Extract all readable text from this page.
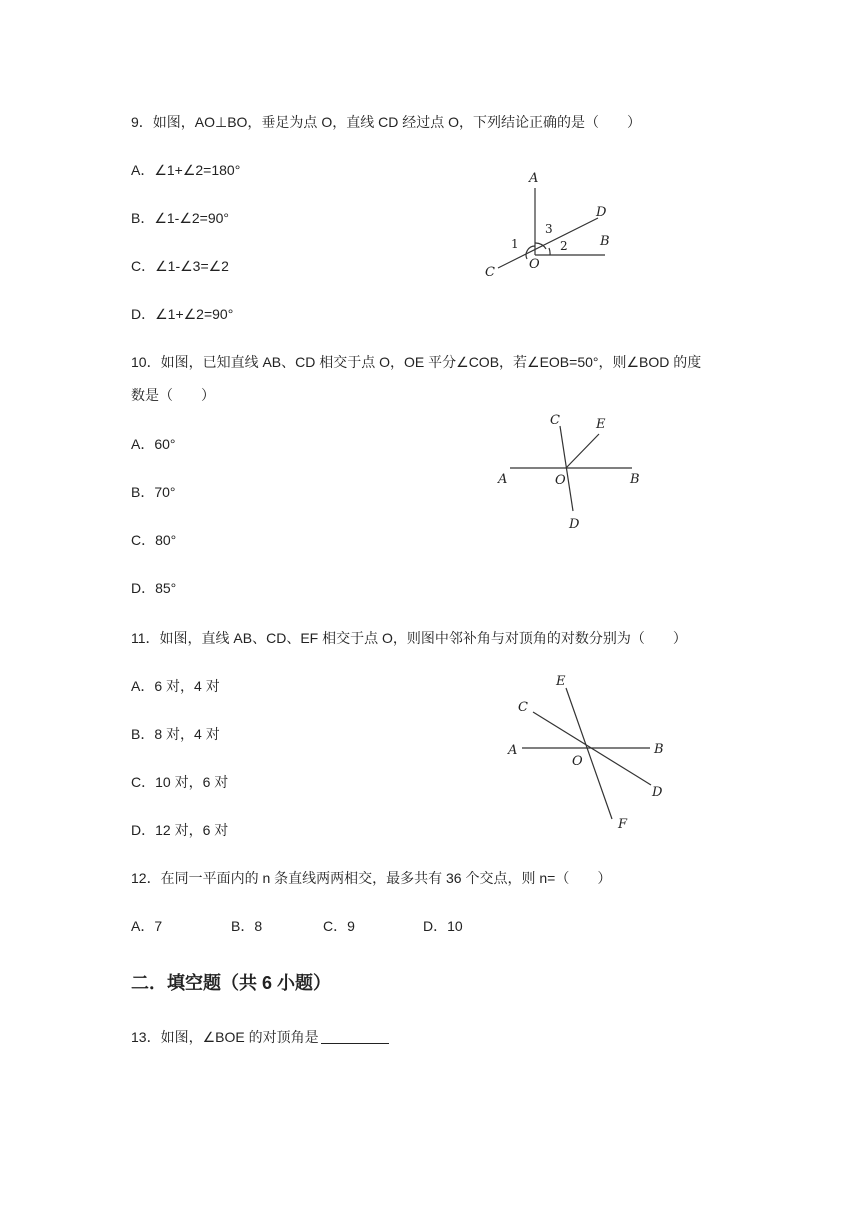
9．如图，AO⊥BO，垂足为点 O，直线 CD 经过点 O，下列结论正确的是（　　）
A．∠1+∠2=180°
B．∠1-∠2=90°
C．∠1-∠3=∠2
D．∠1+∠2=90°
A
D
B
C
O
1
3
2
10．如图，已知直线 AB、CD 相交于点 O，OE 平分∠COB，若∠EOB=50°，则∠BOD 的度
数是（　　）
A．60°
B．70°
C．80°
D．85°
C	E
A	O	B
D
11．如图，直线 AB、CD、EF 相交于点 O，则图中邻补角与对顶角的对数分别为（　　）
A．6 对，4 对
B．8 对，4 对
C．10 对，6 对
D．12 对，6 对
E
C
A
O
B
D
F
12．在同一平面内的 n 条直线两两相交，最多共有 36 个交点，则 n=（　　）
A．7	B．8	C．9	D．10
二．填空题（共 6 小题）
13．如图，∠BOE 的对顶角是
